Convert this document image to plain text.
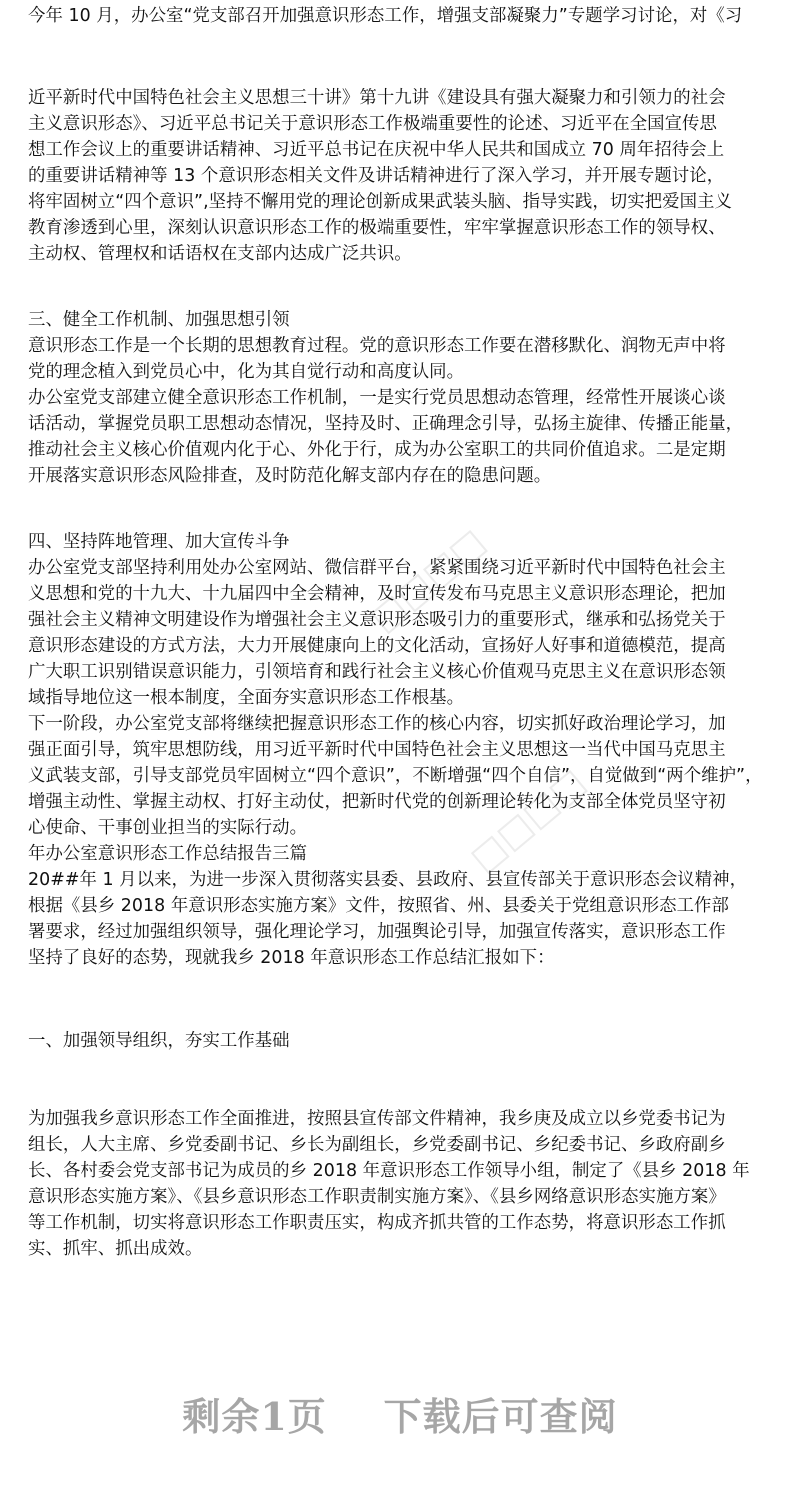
□□□□
□□□□
今年 10 月，办公室“党支部召开加强意识形态工作，增强支部凝聚力”专题学习讨论，对《习
近平新时代中国特色社会主义思想三十讲》第十九讲《建设具有强大凝聚力和引领力的社会
主义意识形态》、习近平总书记关于意识形态工作极端重要性的论述、习近平在全国宣传思
想工作会议上的重要讲话精神、习近平总书记在庆祝中华人民共和国成立 70 周年招待会上
的重要讲话精神等 13 个意识形态相关文件及讲话精神进行了深入学习，并开展专题讨论，
将牢固树立“四个意识”,坚持不懈用党的理论创新成果武装头脑、指导实践，切实把爱国主义
教育渗透到心里，深刻认识意识形态工作的极端重要性，牢牢掌握意识形态工作的领导权、
主动权、管理权和话语权在支部内达成广泛共识。
三、健全工作机制、加强思想引领
意识形态工作是一个长期的思想教育过程。党的意识形态工作要在潜移默化、润物无声中将
党的理念植入到党员心中，化为其自觉行动和高度认同。
办公室党支部建立健全意识形态工作机制，一是实行党员思想动态管理，经常性开展谈心谈
话活动，掌握党员职工思想动态情况，坚持及时、正确理念引导，弘扬主旋律、传播正能量，
推动社会主义核心价值观内化于心、外化于行，成为办公室职工的共同价值追求。二是定期
开展落实意识形态风险排查，及时防范化解支部内存在的隐患问题。
四、坚持阵地管理、加大宣传斗争
办公室党支部坚持利用处办公室网站、微信群平台，紧紧围绕习近平新时代中国特色社会主
义思想和党的十九大、十九届四中全会精神，及时宣传发布马克思主义意识形态理论，把加
强社会主义精神文明建设作为增强社会主义意识形态吸引力的重要形式，继承和弘扬党关于
意识形态建设的方式方法，大力开展健康向上的文化活动，宣扬好人好事和道德模范，提高
广大职工识别错误意识能力，引领培育和践行社会主义核心价值观马克思主义在意识形态领
域指导地位这一根本制度，全面夯实意识形态工作根基。
下一阶段，办公室党支部将继续把握意识形态工作的核心内容，切实抓好政治理论学习，加
强正面引导，筑牢思想防线，用习近平新时代中国特色社会主义思想这一当代中国马克思主
义武装支部，引导支部党员牢固树立“四个意识”，不断增强“四个自信”，自觉做到“两个维护”，
增强主动性、掌握主动权、打好主动仗，把新时代党的创新理论转化为支部全体党员坚守初
心使命、干事创业担当的实际行动。
年办公室意识形态工作总结报告三篇
20##年 1 月以来，为进一步深入贯彻落实县委、县政府、县宣传部关于意识形态会议精神，
根据《县乡 2018 年意识形态实施方案》文件，按照省、州、县委关于党组意识形态工作部
署要求，经过加强组织领导，强化理论学习，加强舆论引导，加强宣传落实，意识形态工作
坚持了良好的态势，现就我乡 2018 年意识形态工作总结汇报如下：
一、加强领导组织，夯实工作基础
为加强我乡意识形态工作全面推进，按照县宣传部文件精神，我乡庚及成立以乡党委书记为
组长，人大主席、乡党委副书记、乡长为副组长，乡党委副书记、乡纪委书记、乡政府副乡
长、各村委会党支部书记为成员的乡 2018 年意识形态工作领导小组，制定了《县乡 2018 年
意识形态实施方案》、《县乡意识形态工作职责制实施方案》、《县乡网络意识形态实施方案》
等工作机制，切实将意识形态工作职责压实，构成齐抓共管的工作态势，将意识形态工作抓
实、抓牢、抓出成效。
剩余1页    下载后可查阅
